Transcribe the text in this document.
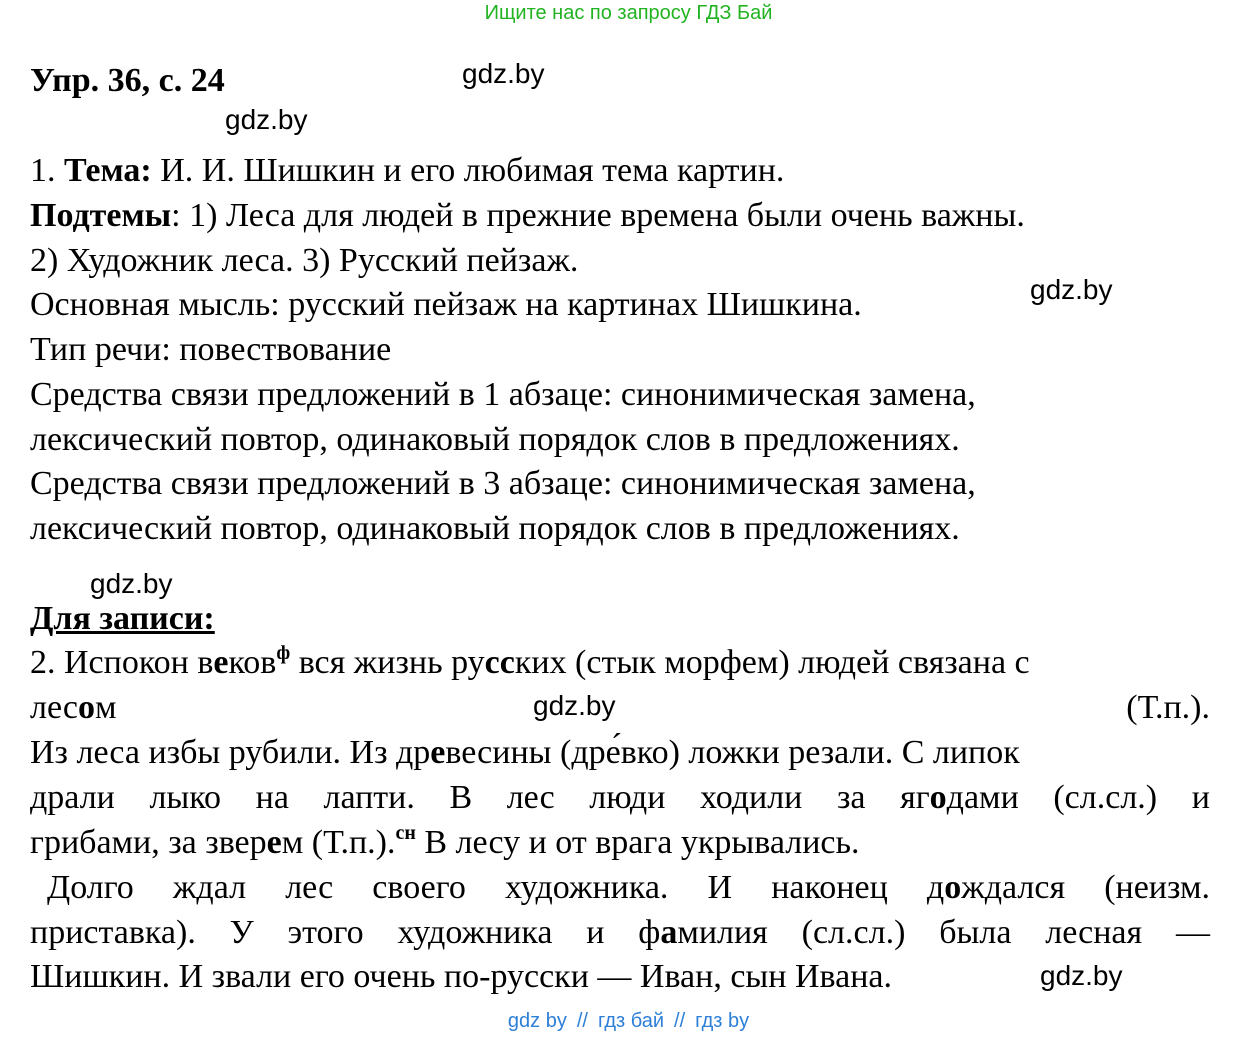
Ищите нас по запросу ГДЗ Бай
Упр. 36, с. 24	gdz.by
gdz.by
gdz.by
gdz.by
gdz.by
gdz.by
1. Тема: И. И. Шишкин и его любимая тема картин.
Подтемы: 1) Леса для людей в прежние времена были очень важны.
2) Художник леса. 3) Русский пейзаж.
Основная мысль: русский пейзаж на картинах Шишкина.
Тип речи: повествование
Средства связи предложений в 1 абзаце: синонимическая замена,
лексический повтор, одинаковый порядок слов в предложениях.
Средства связи предложений в 3 абзаце: синонимическая замена,
лексический повтор, одинаковый порядок слов в предложениях.
Для записи:
2. Испокон веков$^ф$ вся жизнь русских (стык морфем) людей связана с
лесом	(Т.п.).
Из леса избы рубили. Из древесины (дре́вко) ложки резали. С липок
драли лыко на лапти. В лес люди ходили за ягодами (сл.сл.) и
грибами, за зверем (Т.п.).$^{сн}$ В лесу и от врага укрывались.
Долго ждал лес своего художника. И наконец дождался (неизм.
приставка). У этого художника и фамилия (сл.сл.) была лесная —
Шишкин. И звали его очень по-русски — Иван, сын Ивана.
gdz by // гдз бай // гдз by
